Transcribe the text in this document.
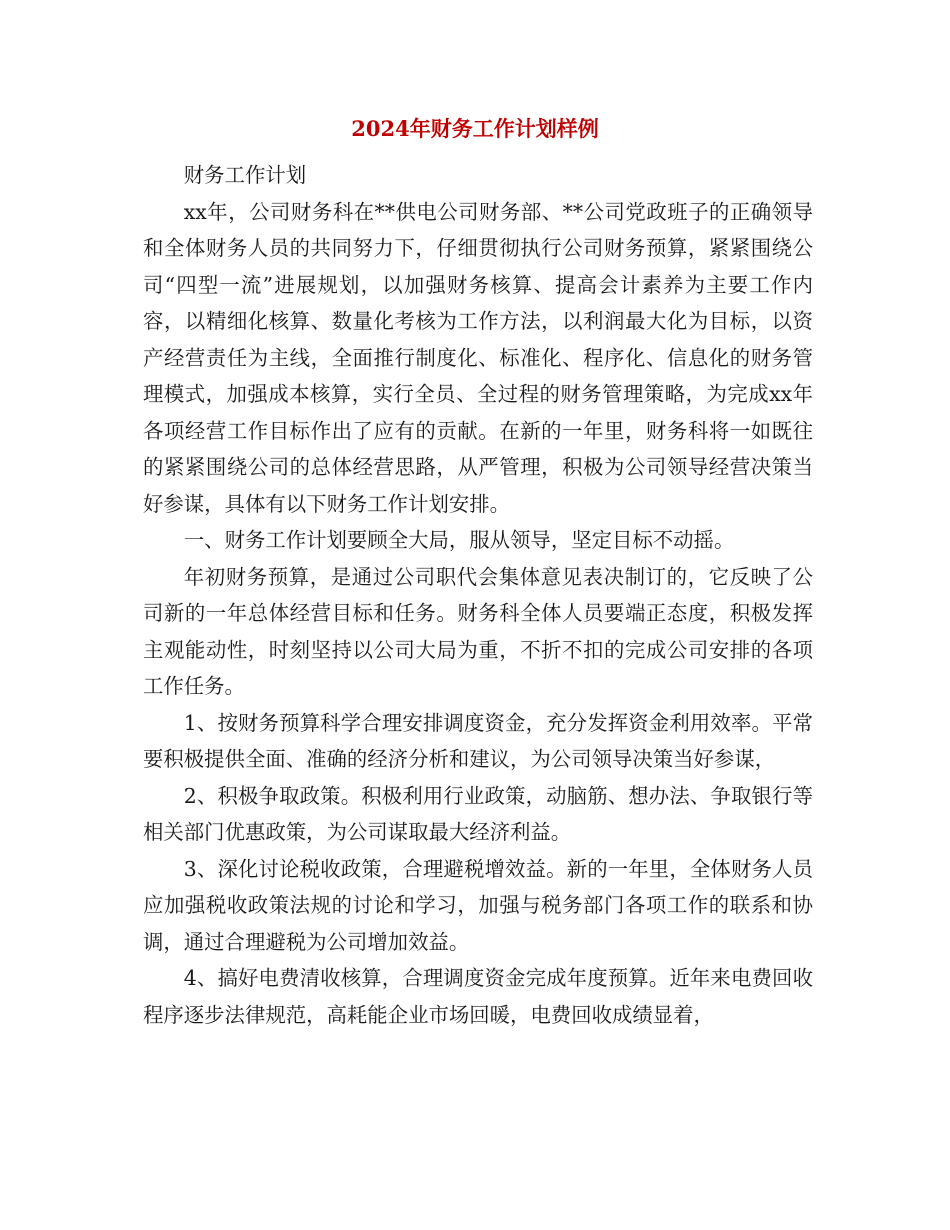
2024年财务工作计划样例

财务工作计划

xx年，公司财务科在**供电公司财务部、**公司党政班子的正确领导和全体财务人员的共同努力下，仔细贯彻执行公司财务预算，紧紧围绕公司“四型一流”进展规划，以加强财务核算、提高会计素养为主要工作内容，以精细化核算、数量化考核为工作方法，以利润最大化为目标，以资产经营责任为主线，全面推行制度化、标准化、程序化、信息化的财务管理模式，加强成本核算，实行全员、全过程的财务管理策略，为完成xx年各项经营工作目标作出了应有的贡献。在新的一年里，财务科将一如既往的紧紧围绕公司的总体经营思路，从严管理，积极为公司领导经营决策当好参谋，具体有以下财务工作计划安排。

一、财务工作计划要顾全大局，服从领导，坚定目标不动摇。

年初财务预算，是通过公司职代会集体意见表决制订的，它反映了公司新的一年总体经营目标和任务。财务科全体人员要端正态度，积极发挥主观能动性，时刻坚持以公司大局为重，不折不扣的完成公司安排的各项工作任务。

1、按财务预算科学合理安排调度资金，充分发挥资金利用效率。平常要积极提供全面、准确的经济分析和建议，为公司领导决策当好参谋，

2、积极争取政策。积极利用行业政策，动脑筋、想办法、争取银行等相关部门优惠政策，为公司谋取最大经济利益。

3、深化讨论税收政策，合理避税增效益。新的一年里，全体财务人员应加强税收政策法规的讨论和学习，加强与税务部门各项工作的联系和协调，通过合理避税为公司增加效益。

4、搞好电费清收核算，合理调度资金完成年度预算。近年来电费回收程序逐步法律规范，高耗能企业市场回暖，电费回收成绩显着，
